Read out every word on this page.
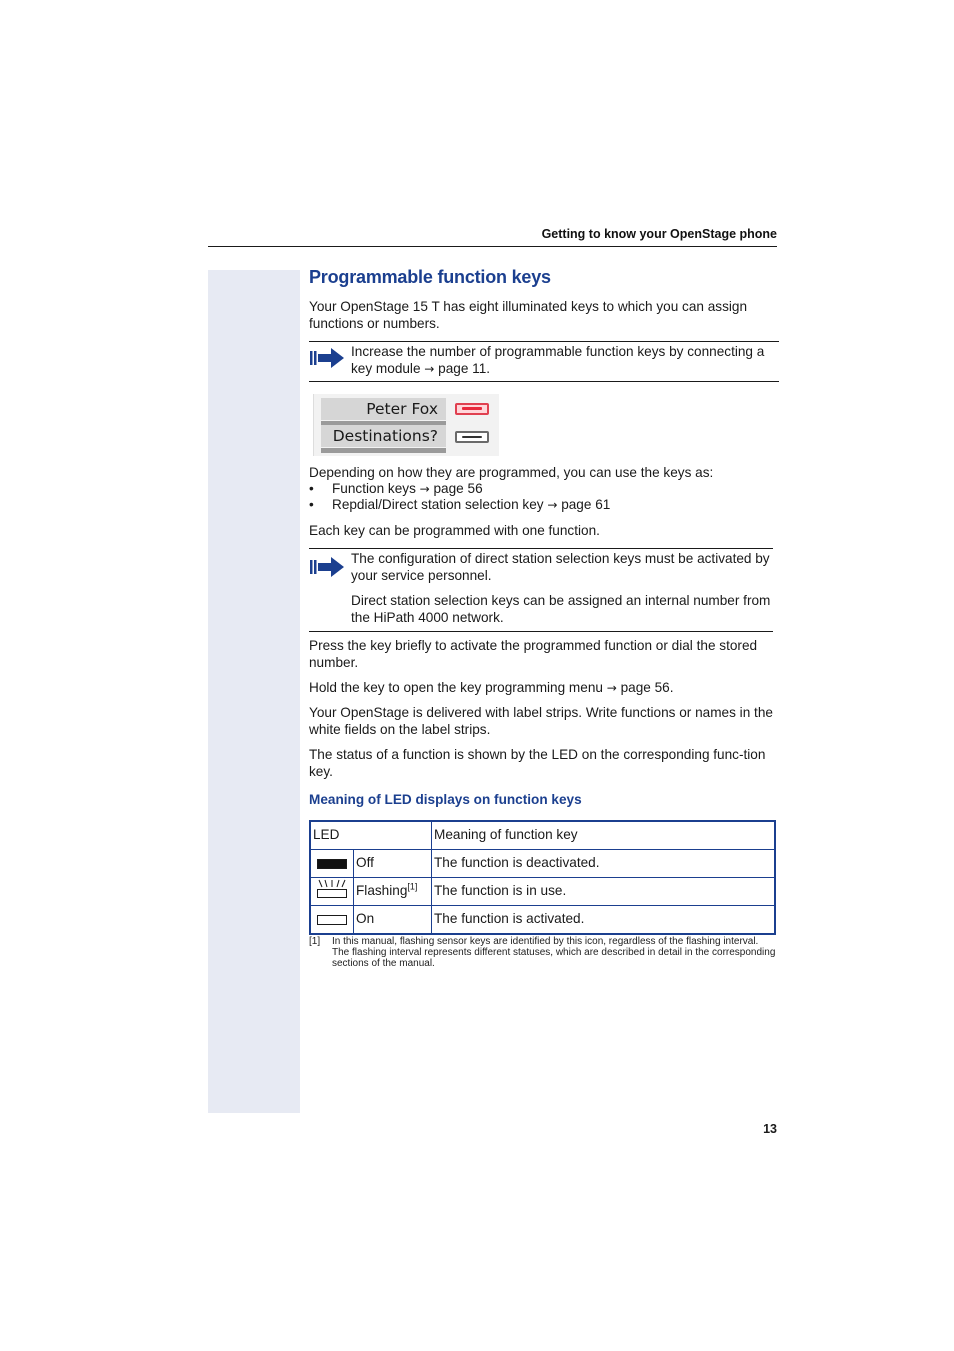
Getting to know your OpenStage phone
Programmable function keys
Your OpenStage 15 T has eight illuminated keys to which you can assign functions or numbers.
Increase the number of programmable function keys by connecting a key module → page 11.
Peter Fox
Destinations?
Depending on how they are programmed, you can use the keys as:
• Function keys → page 56
• Repdial/Direct station selection key → page 61
Each key can be programmed with one function.
The configuration of direct station selection keys must be activated by your service personnel.
Direct station selection keys can be assigned an internal number from the HiPath 4000 network.
Press the key briefly to activate the programmed function or dial the stored number.
Hold the key to open the key programming menu → page 56.
Your OpenStage is delivered with label strips. Write functions or names in the white fields on the label strips.
The status of a function is shown by the LED on the corresponding func-tion key.
Meaning of LED displays on function keys
LED		Meaning of function key
	Off	The function is deactivated.
	Flashing[1]	The function is in use.
	On	The function is activated.
[1] In this manual, flashing sensor keys are identified by this icon, regardless of the flashing interval. The flashing interval represents different statuses, which are described in detail in the corresponding sections of the manual.
13
